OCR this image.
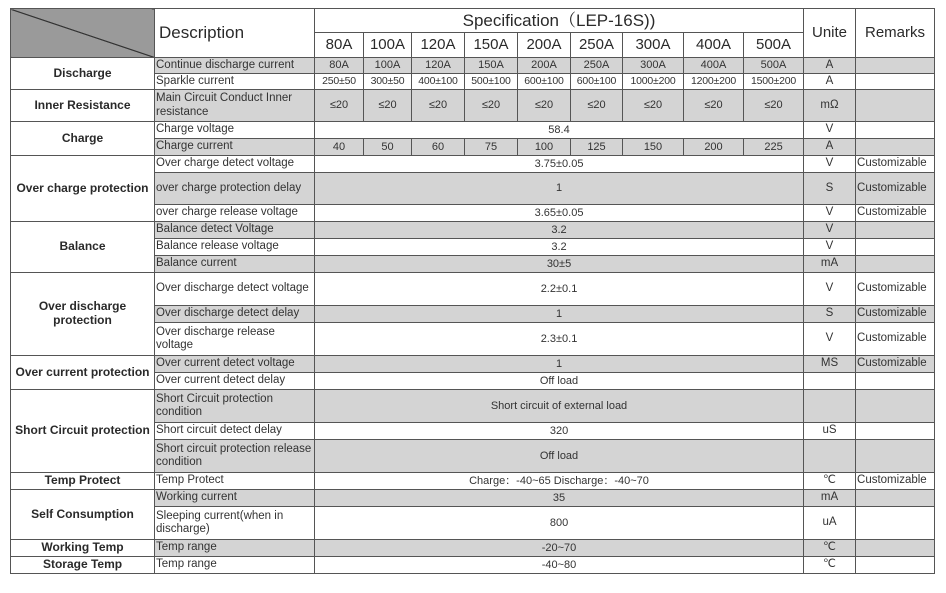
	Description	Specification（LEP-16S))									Unite	Remarks
		80A	100A	120A	150A	200A	250A	300A	400A	500A		
Discharge	Continue discharge current	80A	100A	120A	150A	200A	250A	300A	400A	500A	A	
	Sparkle current	250±50	300±50	400±100	500±100	600±100	600±100	1000±200	1200±200	1500±200	A	
Inner Resistance	Main Circuit Conduct Inner resistance	≤20	≤20	≤20	≤20	≤20	≤20	≤20	≤20	≤20	mΩ	
Charge	Charge voltage	58.4									V	
	Charge current	40	50	60	75	100	125	150	200	225	A	
Over charge protection	Over charge detect voltage	3.75±0.05									V	Customizable
	over charge protection delay	1									S	Customizable
	over charge release voltage	3.65±0.05									V	Customizable
Balance	Balance detect Voltage	3.2									V	
	Balance release voltage	3.2									V	
	Balance current	30±5									mA	
Over discharge protection	Over discharge detect voltage	2.2±0.1									V	Customizable
	Over discharge detect delay	1									S	Customizable
	Over discharge release voltage	2.3±0.1									V	Customizable
Over current protection	Over current detect voltage	1									MS	Customizable
	Over current detect delay	Off load										
Short Circuit protection	Short Circuit protection condition	Short circuit of external load										
	Short circuit detect delay	320									uS	
	Short circuit protection release condition	Off load										
Temp Protect	Temp Protect	Charge：-40~65 Discharge：-40~70									℃	Customizable
Self Consumption	Working current	35									mA	
	Sleeping current(when in discharge)	800									uA	
Working Temp	Temp range	-20~70									℃	
Storage Temp	Temp range	-40~80									℃	
